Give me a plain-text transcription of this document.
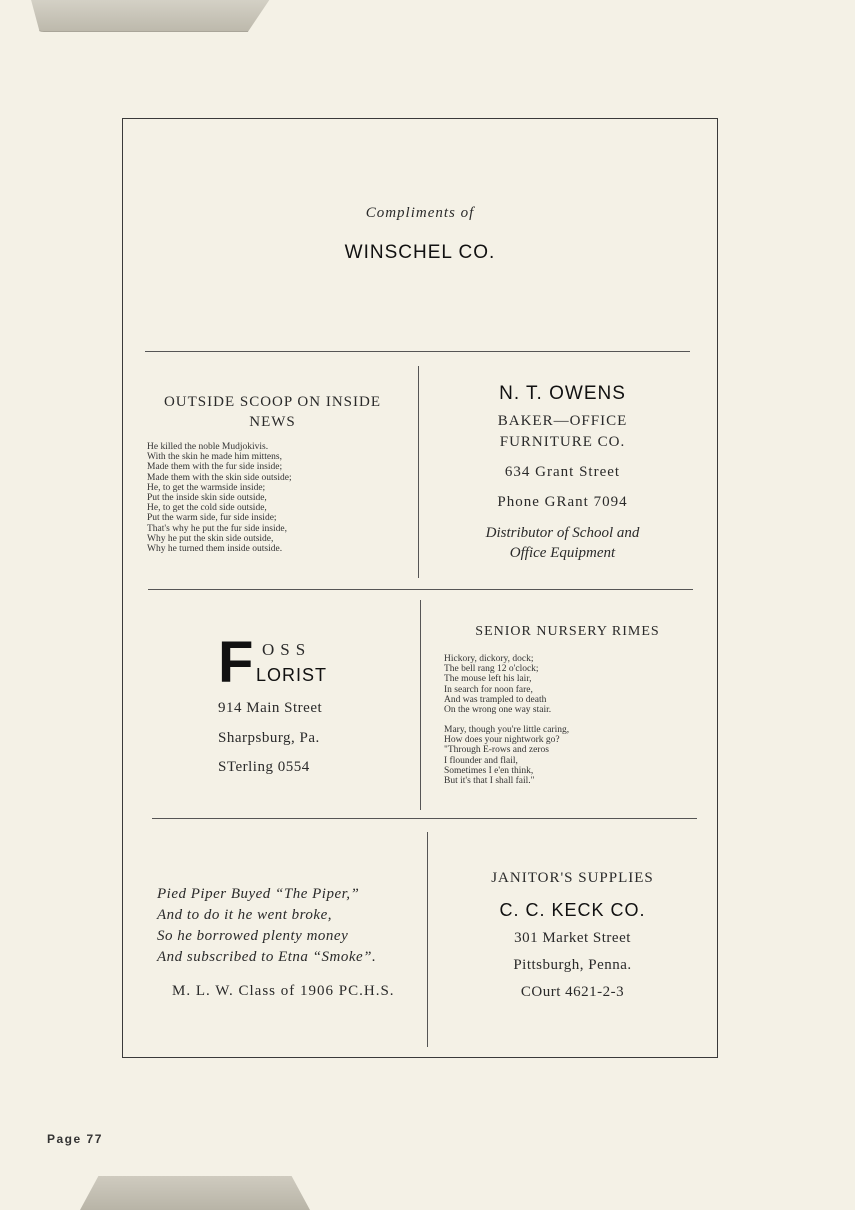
Compliments of
WINSCHEL CO.
OUTSIDE SCOOP ON INSIDE NEWS
He killed the noble Mudjokivis.
With the skin he made him mittens,
Made them with the fur side inside;
Made them with the skin side outside;
He, to get the warmside inside;
Put the inside skin side outside,
He, to get the cold side outside,
Put the warm side, fur side inside;
That's why he put the fur side inside,
Why he put the skin side outside,
Why he turned them inside outside.
N. T. OWENS
BAKER—OFFICE
FURNITURE CO.
634 Grant Street
Phone GRant 7094
Distributor of School and
Office Equipment
F OSS
LORIST
914 Main Street
Sharpsburg, Pa.
STerling 0554
SENIOR NURSERY RIMES
Hickory, dickory, dock;
The bell rang 12 o'clock;
The mouse left his lair,
In search for noon fare,
And was trampled to death
On the wrong one way stair.
Mary, though you're little caring,
How does your nightwork go?
"Through E-rows and zeros
I flounder and flail,
Sometimes I e'en think,
But it's that I shall fail."
Pied Piper Buyed “The Piper,”
And to do it he went broke,
So he borrowed plenty money
And subscribed to Etna “Smoke”.
M. L. W. Class of 1906 PC.H.S.
JANITOR'S SUPPLIES
C. C. KECK CO.
301 Market Street
Pittsburgh, Penna.
COurt 4621-2-3
Page 77
